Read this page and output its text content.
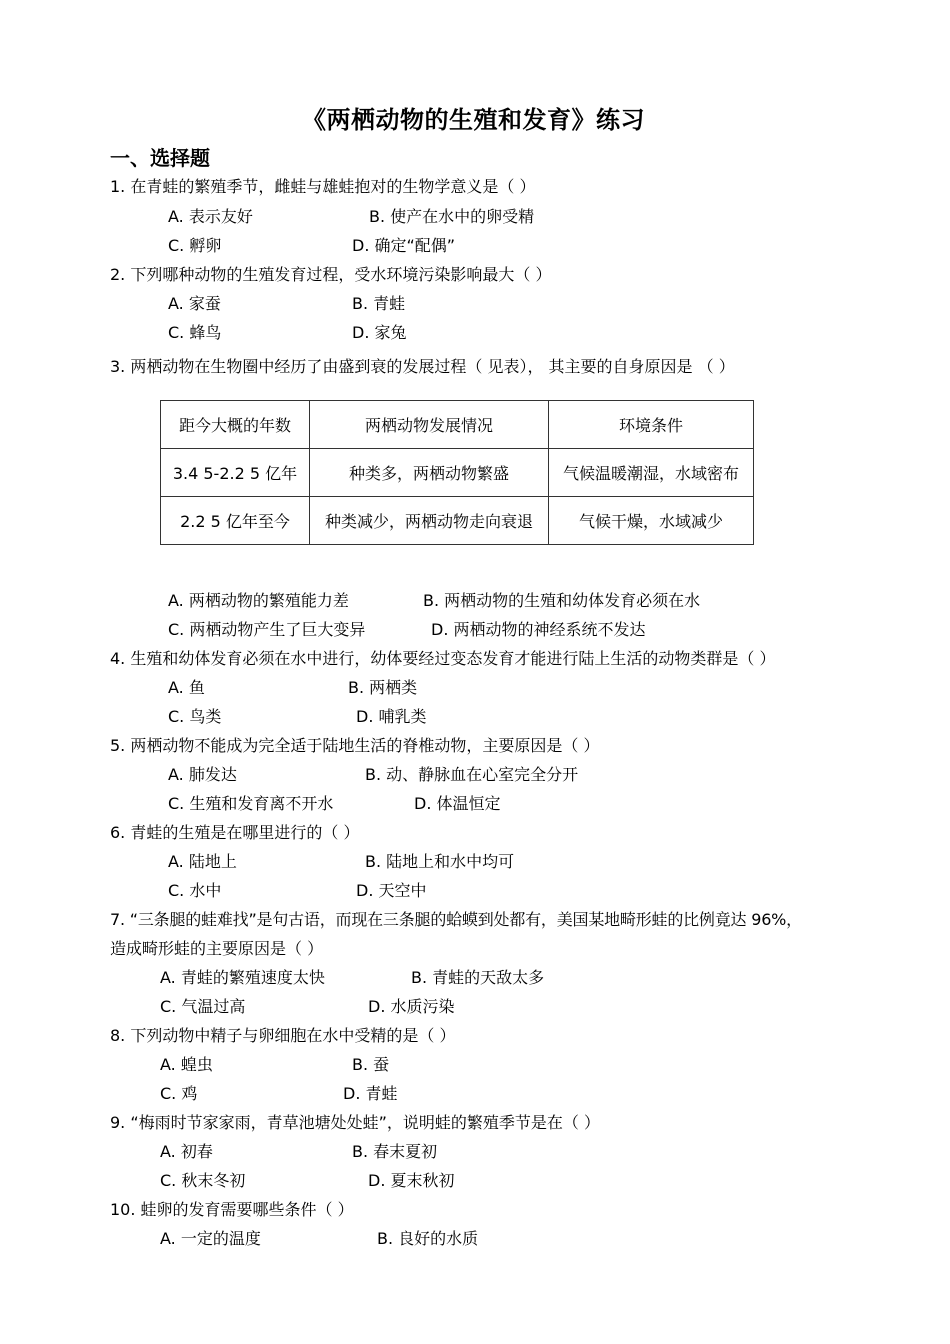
《两栖动物的生殖和发育》练习
一、选择题
1. 在青蛙的繁殖季节，雌蛙与雄蛙抱对的生物学意义是（ ）
A. 表示友好	B. 使产在水中的卵受精
C. 孵卵	D. 确定“配偶”
2. 下列哪种动物的生殖发育过程，受水环境污染影响最大（ ）
A. 家蚕	B. 青蛙
C. 蜂鸟	D. 家兔
3. 两栖动物在生物圈中经历了由盛到衰的发展过程（ 见表）， 其主要的自身原因是 （ ）
距今大概的年数	两栖动物发展情况	环境条件
3.4 5-2.2 5 亿年	种类多，两栖动物繁盛	气候温暖潮湿，水域密布
2.2 5 亿年至今	种类减少，两栖动物走向衰退	气候干燥，水域减少
A. 两栖动物的繁殖能力差	B. 两栖动物的生殖和幼体发育必须在水
C. 两栖动物产生了巨大变异	D. 两栖动物的神经系统不发达
4. 生殖和幼体发育必须在水中进行，幼体要经过变态发育才能进行陆上生活的动物类群是（ ）
A. 鱼	B. 两栖类
C. 鸟类	D. 哺乳类
5. 两栖动物不能成为完全适于陆地生活的脊椎动物，主要原因是（ ）
A. 肺发达	B. 动、静脉血在心室完全分开
C. 生殖和发育离不开水	D. 体温恒定
6. 青蛙的生殖是在哪里进行的（ ）
A. 陆地上	B. 陆地上和水中均可
C. 水中	D. 天空中
7. “三条腿的蛙难找”是句古语，而现在三条腿的蛤蟆到处都有，美国某地畸形蛙的比例竟达 96%，
造成畸形蛙的主要原因是（ ）
A. 青蛙的繁殖速度太快	B. 青蛙的天敌太多
C. 气温过高	D. 水质污染
8. 下列动物中精子与卵细胞在水中受精的是（ ）
A. 蝗虫	B. 蚕
C. 鸡	D. 青蛙
9. “梅雨时节家家雨，青草池塘处处蛙”，说明蛙的繁殖季节是在（ ）
A. 初春	B. 春末夏初
C. 秋末冬初	D. 夏末秋初
10. 蛙卵的发育需要哪些条件（ ）
A. 一定的温度	B. 良好的水质
